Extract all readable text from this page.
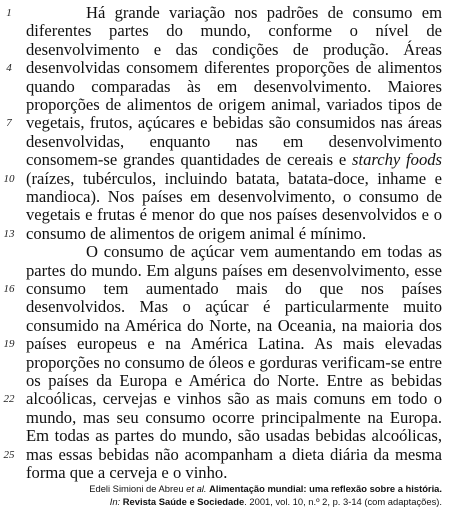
1	Há grande variação nos padrões de consumo em
diferentes partes do mundo, conforme o nível de
desenvolvimento e das condições de produção. Áreas
4 desenvolvidas consomem diferentes proporções de alimentos
quando comparadas às em desenvolvimento. Maiores
proporções de alimentos de origem animal, variados tipos de
7 vegetais, frutos, açúcares e bebidas são consumidos nas áreas
desenvolvidas, enquanto nas em desenvolvimento
consomem-se grandes quantidades de cereais e starchy foods
10 (raízes, tubérculos, incluindo batata, batata-doce, inhame e
mandioca). Nos países em desenvolvimento, o consumo de
vegetais e frutas é menor do que nos países desenvolvidos e o
13 consumo de alimentos de origem animal é mínimo.
O consumo de açúcar vem aumentando em todas as
partes do mundo. Em alguns países em desenvolvimento, esse
16 consumo tem aumentado mais do que nos países
desenvolvidos. Mas o açúcar é particularmente muito
consumido na América do Norte, na Oceania, na maioria dos
19 países europeus e na América Latina. As mais elevadas
proporções no consumo de óleos e gorduras verificam-se entre
os países da Europa e América do Norte. Entre as bebidas
22 alcoólicas, cervejas e vinhos são as mais comuns em todo o
mundo, mas seu consumo ocorre principalmente na Europa.
Em todas as partes do mundo, são usadas bebidas alcoólicas,
25 mas essas bebidas não acompanham a dieta diária da mesma
forma que a cerveja e o vinho.
Edeli Simioni de Abreu et al. Alimentação mundial: uma reflexão sobre a história.
In: Revista Saúde e Sociedade. 2001, vol. 10, n.º 2, p. 3-14 (com adaptações).
